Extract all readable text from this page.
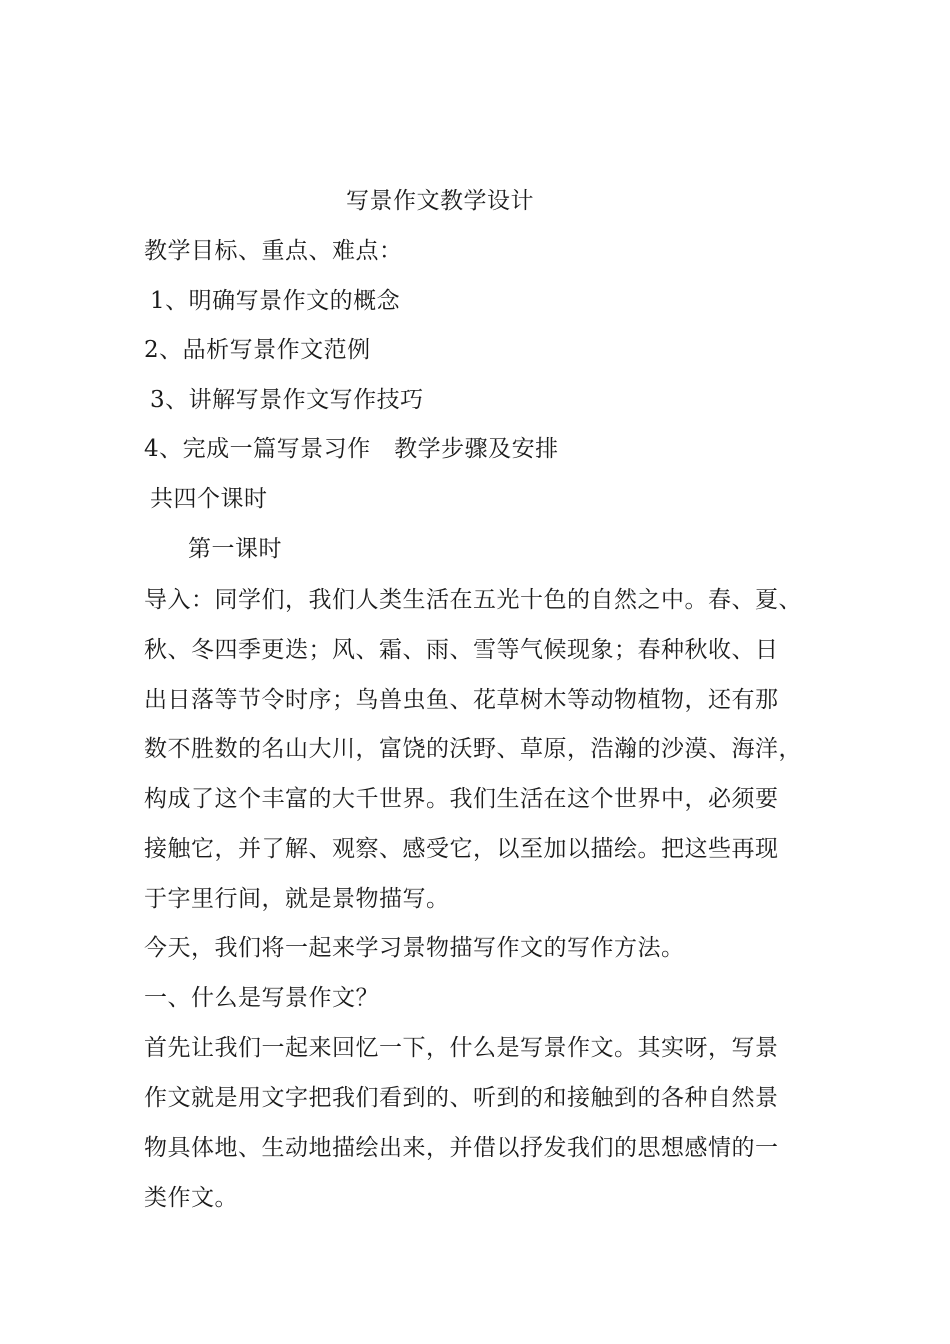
写景作文教学设计
教学目标、重点、难点：
1、明确写景作文的概念
2、品析写景作文范例
3、讲解写景作文写作技巧
4、完成一篇写景习作　教学步骤及安排
共四个课时
第一课时
导入：同学们，我们人类生活在五光十色的自然之中。春、夏、
秋、冬四季更迭；风、霜、雨、雪等气候现象；春种秋收、日
出日落等节令时序；鸟兽虫鱼、花草树木等动物植物，还有那
数不胜数的名山大川，富饶的沃野、草原，浩瀚的沙漠、海洋，
构成了这个丰富的大千世界。我们生活在这个世界中，必须要
接触它，并了解、观察、感受它，以至加以描绘。把这些再现
于字里行间，就是景物描写。
今天，我们将一起来学习景物描写作文的写作方法。
一、什么是写景作文？
首先让我们一起来回忆一下，什么是写景作文。其实呀，写景
作文就是用文字把我们看到的、听到的和接触到的各种自然景
物具体地、生动地描绘出来，并借以抒发我们的思想感情的一
类作文。
